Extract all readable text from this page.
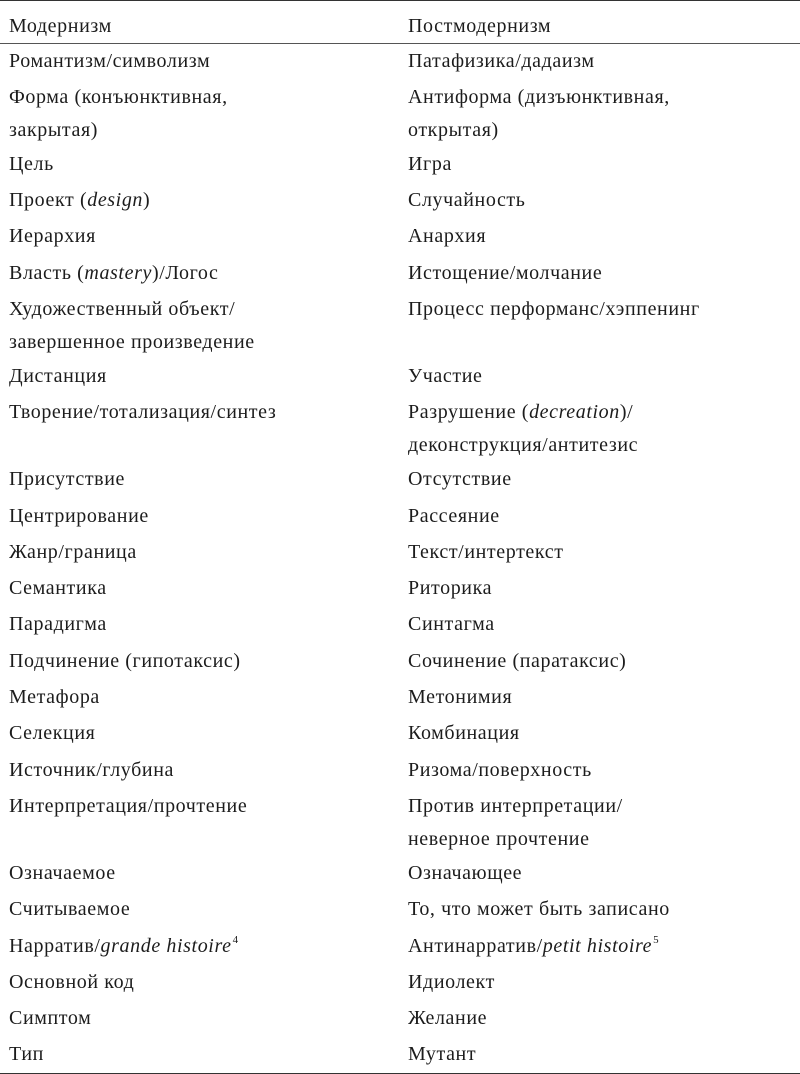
Модернизм	Постмодернизм

Романтизм/символизм	Патафизика/дадаизм

Форма (конъюнктивная,
закрытая)	Антиформа (дизъюнктивная,
открытая)

Цель	Игра

Проект (design)	Случайность

Иерархия	Анархия

Власть (mastery)/Логос	Истощение/молчание

Художественный объект/
завершенное произведение	Процесс перформанс/хэппенинг

Дистанция	Участие

Творение/тотализация/синтез	Разрушение (decreation)/
деконструкция/антитезис

Присутствие	Отсутствие

Центрирование	Рассеяние

Жанр/граница	Текст/интертекст

Семантика	Риторика

Парадигма	Синтагма

Подчинение (гипотаксис)	Сочинение (паратаксис)

Метафора	Метонимия

Селекция	Комбинация

Источник/глубина	Ризома/поверхность

Интерпретация/прочтение	Против интерпретации/
неверное прочтение

Означаемое	Означающее

Считываемое	То, что может быть записано

Нарратив/grande histoire$^4$	Антинарратив/petit histoire$^5$

Основной код	Идиолект

Симптом	Желание

Тип	Мутант
